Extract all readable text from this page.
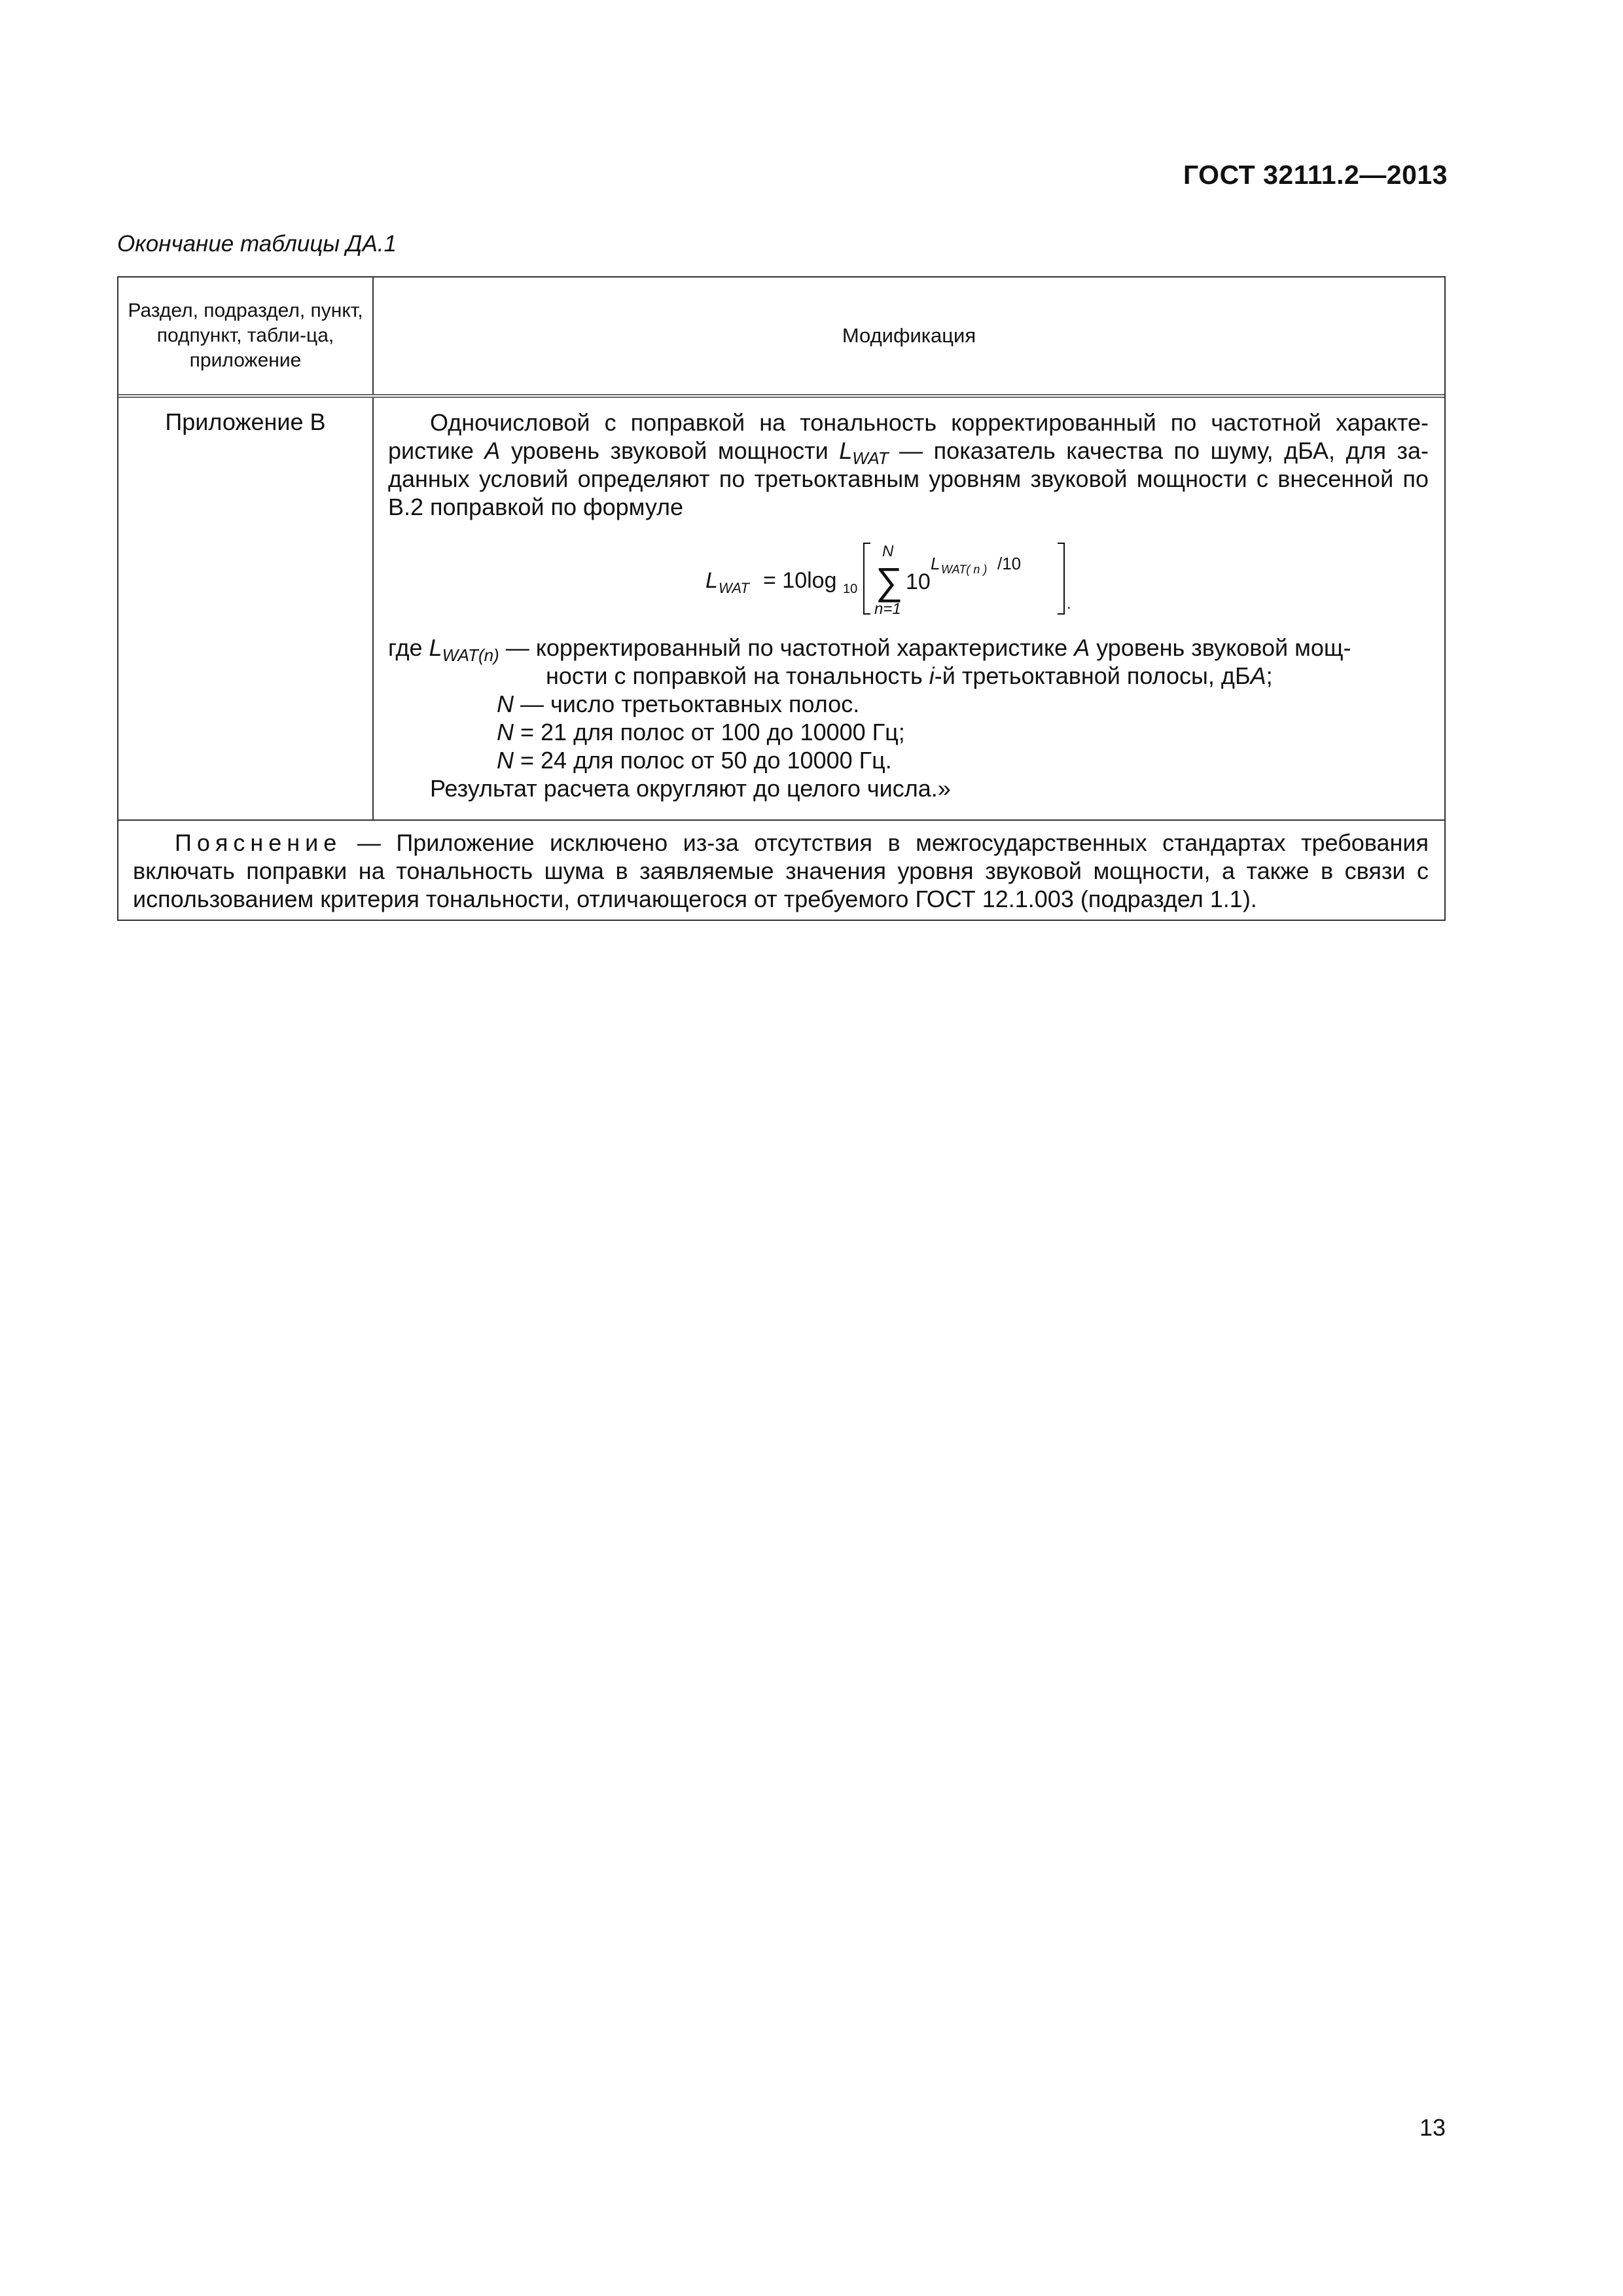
ГОСТ 32111.2—2013
Окончание таблицы ДА.1
Раздел, подраздел, пункт, подпункт, табли-ца, приложение
Модификация
Приложение В	Одночисловой с поправкой на тональность корректированный по частотной характе-ристике А уровень звуковой мощности $L_{WAT}$ — показатель качества по шуму, дБА, для за-данных условий определяют по третьоктавным уровням звуковой мощности с внесенной по В.2 поправкой по формуле

L WAT = 10log 10
N
∑
n=1
10
L WAT( n ) /10
.

где $L_{WAT(n)}$ — корректированный по частотной характеристике А уровень звуковой мощ-

ности с поправкой на тональность i-й третьоктавной полосы, дБА;

N — число третьоктавных полос.

N = 21 для полос от 100 до 10000 Гц;

N = 24 для полос от 50 до 10000 Гц.

Результат расчета округляют до целого числа.»

Пояснение — Приложение исключено из-за отсутствия в межгосударственных стандартах требования включать поправки на тональность шума в заявляемые значения уровня звуковой мощности, а также в связи с использованием критерия тональности, отличающегося от требуемого ГОСТ 12.1.003 (подраздел 1.1).
13
